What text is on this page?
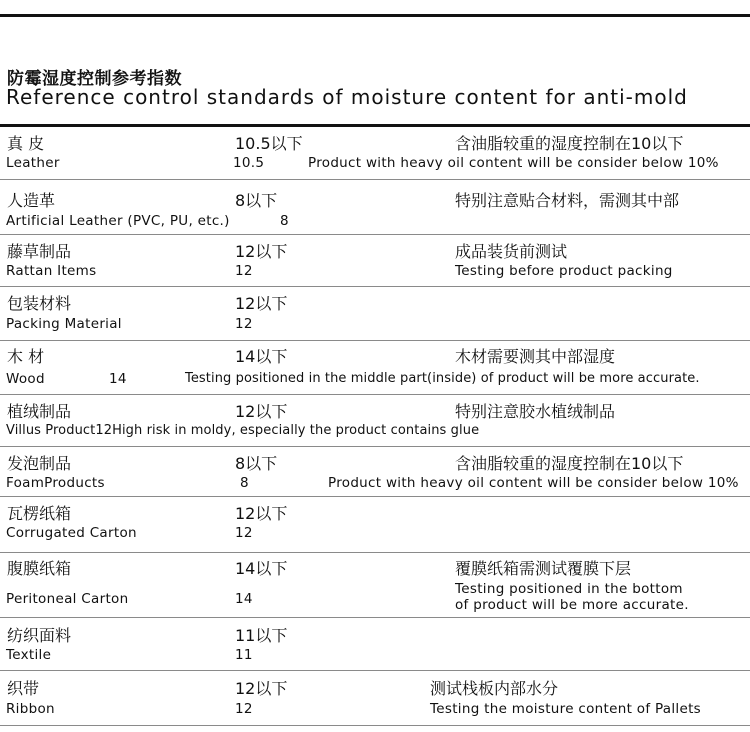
防霉湿度控制参考指数
Reference control standards of moisture content for anti-mold
真 皮
Leather
10.5以下
10.5
含油脂较重的湿度控制在10以下
Product with heavy oil content will be consider below 10%
人造革
Artificial Leather (PVC, PU, etc.)
8以下
8
特别注意贴合材料，需测其中部
藤草制品
Rattan Items
12以下
12
成品装货前测试
Testing before product packing
包装材料
Packing Material
12以下
12
木 材
Wood
14以下
14
木材需要测其中部湿度
Testing positioned in the middle part(inside) of product will be more accurate.
植绒制品
Villus Product12High risk in moldy, especially the product contains glue
12以下	特别注意胶水植绒制品
发泡制品
FoamProducts
8以下
8
含油脂较重的湿度控制在10以下
Product with heavy oil content will be consider below 10%
瓦楞纸箱
Corrugated Carton
12以下
12
腹膜纸箱
Peritoneal Carton
14以下
14
覆膜纸箱需测试覆膜下层
Testing positioned in the bottom
of product will be more accurate.
纺织面料
Textile
11以下
11
织带
Ribbon
12以下
12
测试栈板内部水分
Testing the moisture content of Pallets
